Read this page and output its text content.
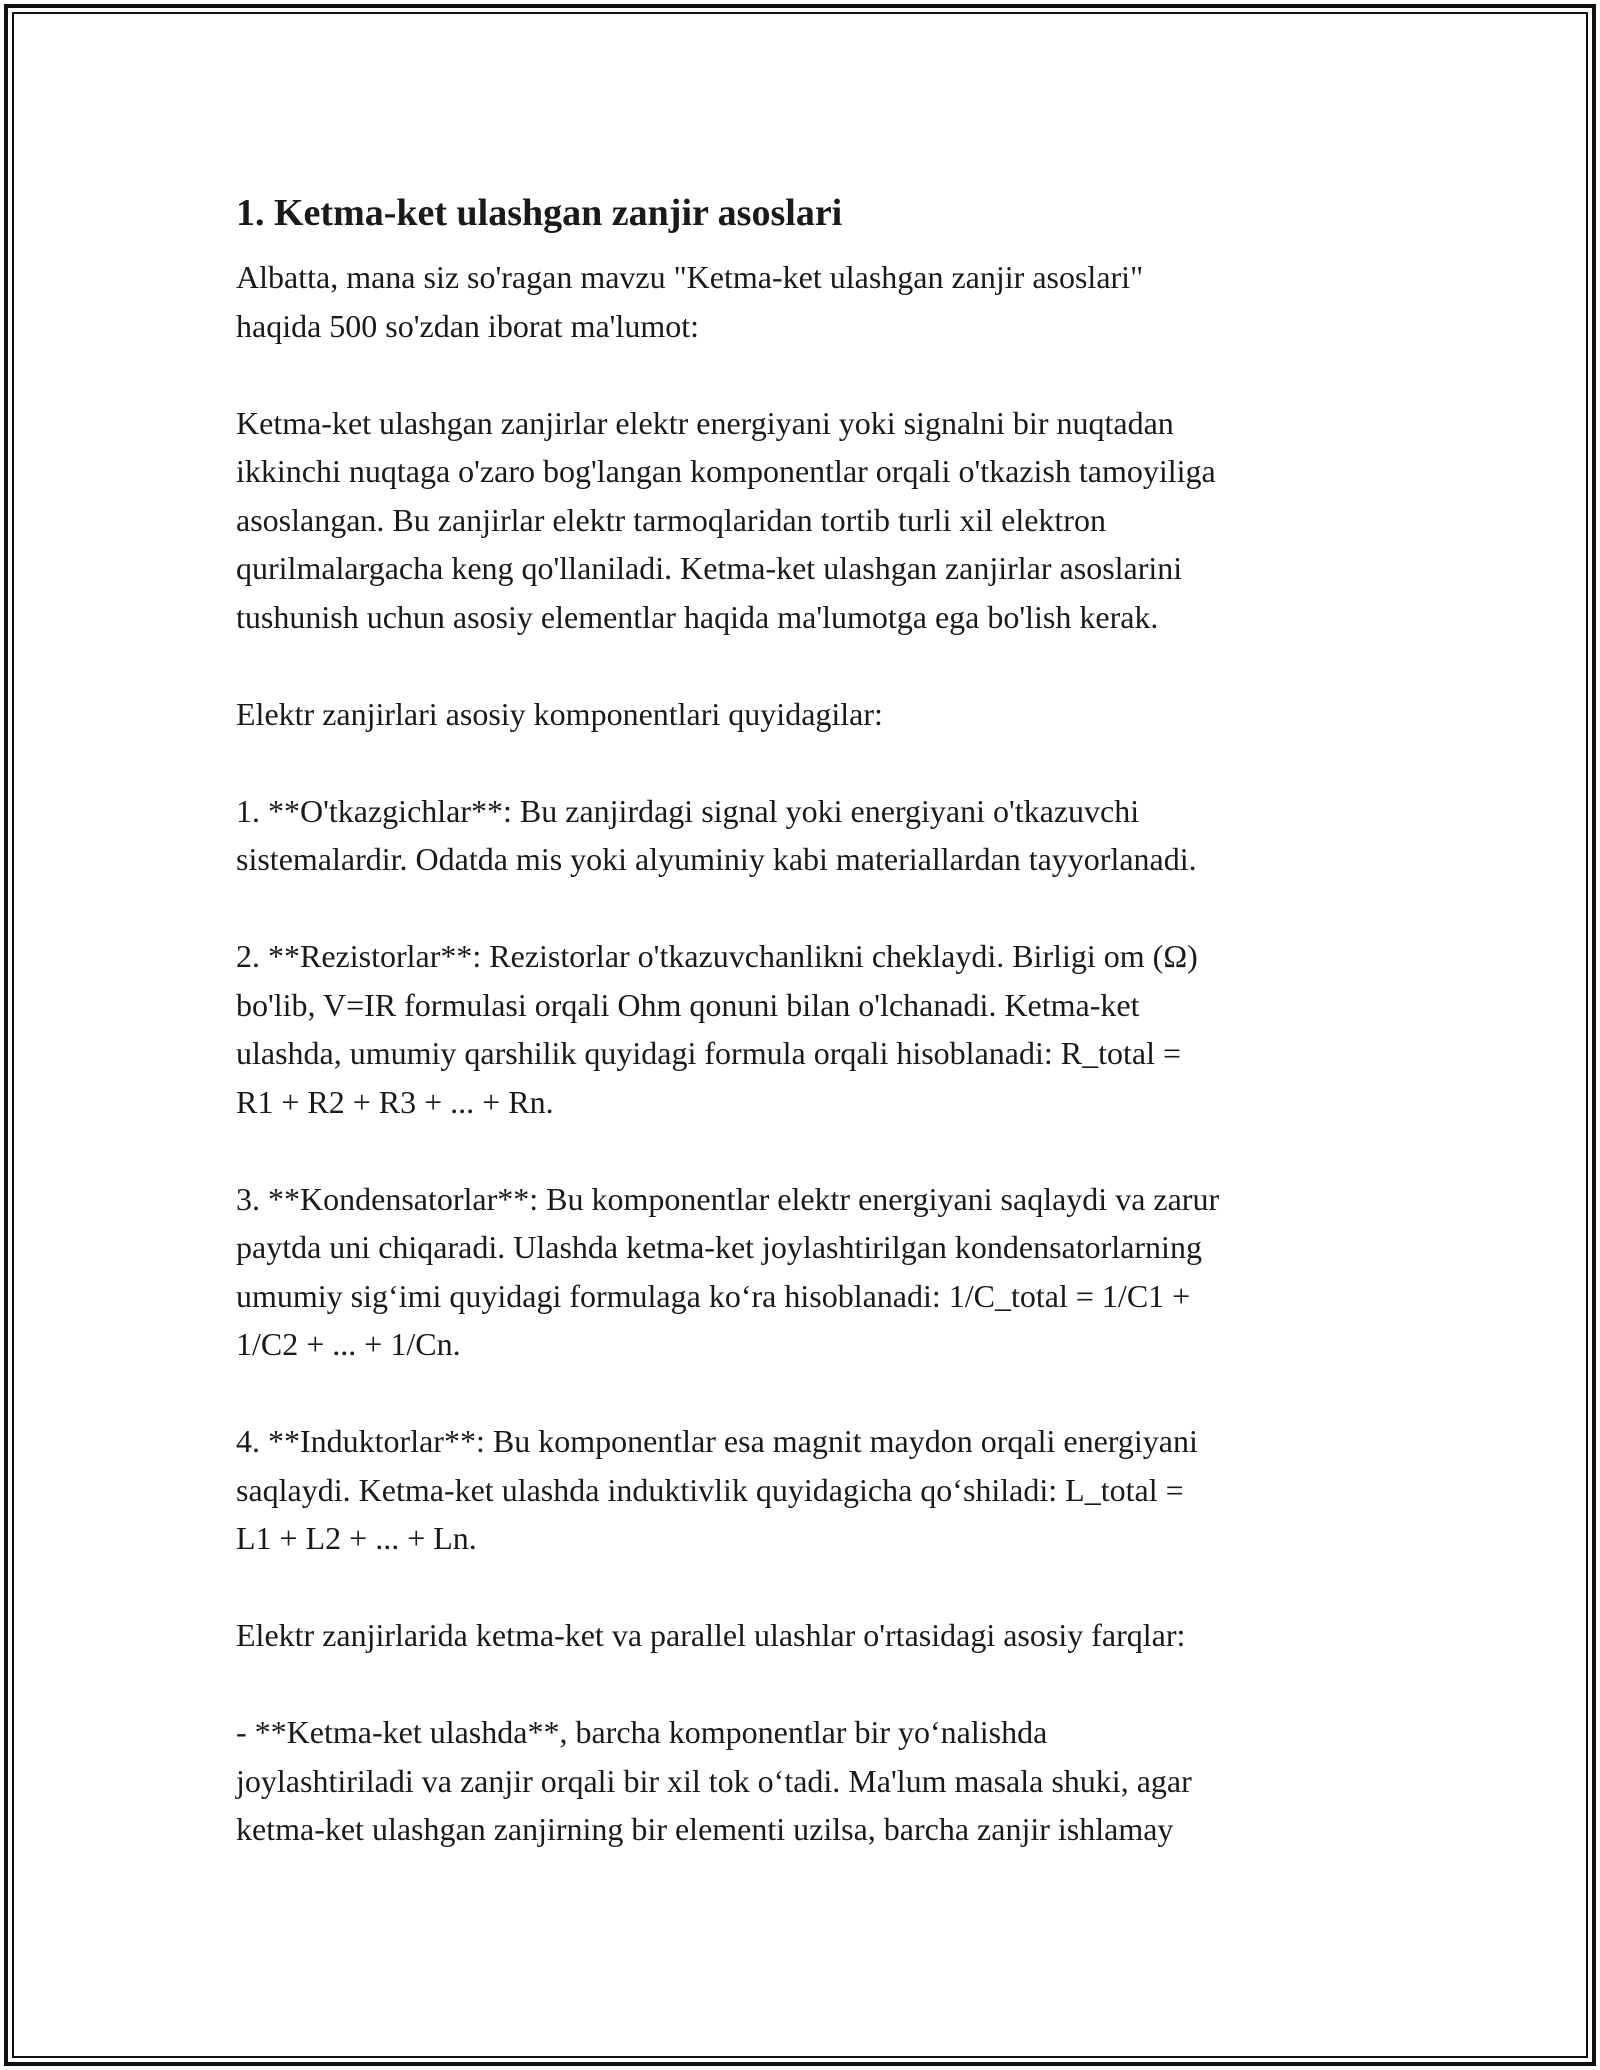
1. Ketma-ket ulashgan zanjir asoslari

Albatta, mana siz so'ragan mavzu "Ketma-ket ulashgan zanjir asoslari"
haqida 500 so'zdan iborat ma'lumot:

Ketma-ket ulashgan zanjirlar elektr energiyani yoki signalni bir nuqtadan
ikkinchi nuqtaga o'zaro bog'langan komponentlar orqali o'tkazish tamoyiliga
asoslangan. Bu zanjirlar elektr tarmoqlaridan tortib turli xil elektron
qurilmalargacha keng qo'llaniladi. Ketma-ket ulashgan zanjirlar asoslarini
tushunish uchun asosiy elementlar haqida ma'lumotga ega bo'lish kerak.

Elektr zanjirlari asosiy komponentlari quyidagilar:

1. **O'tkazgichlar**: Bu zanjirdagi signal yoki energiyani o'tkazuvchi
sistemalardir. Odatda mis yoki alyuminiy kabi materiallardan tayyorlanadi.

2. **Rezistorlar**: Rezistorlar o'tkazuvchanlikni cheklaydi. Birligi om (Ω)
bo'lib, V=IR formulasi orqali Ohm qonuni bilan o'lchanadi. Ketma-ket
ulashda, umumiy qarshilik quyidagi formula orqali hisoblanadi: R_total =
R1 + R2 + R3 + ... + Rn.

3. **Kondensatorlar**: Bu komponentlar elektr energiyani saqlaydi va zarur
paytda uni chiqaradi. Ulashda ketma-ket joylashtirilgan kondensatorlarning
umumiy sig‘imi quyidagi formulaga ko‘ra hisoblanadi: 1/C_total = 1/C1 +
1/C2 + ... + 1/Cn.

4. **Induktorlar**: Bu komponentlar esa magnit maydon orqali energiyani
saqlaydi. Ketma-ket ulashda induktivlik quyidagicha qo‘shiladi: L_total =
L1 + L2 + ... + Ln.

Elektr zanjirlarida ketma-ket va parallel ulashlar o'rtasidagi asosiy farqlar:

- **Ketma-ket ulashda**, barcha komponentlar bir yo‘nalishda
joylashtiriladi va zanjir orqali bir xil tok o‘tadi. Ma'lum masala shuki, agar
ketma-ket ulashgan zanjirning bir elementi uzilsa, barcha zanjir ishlamay
